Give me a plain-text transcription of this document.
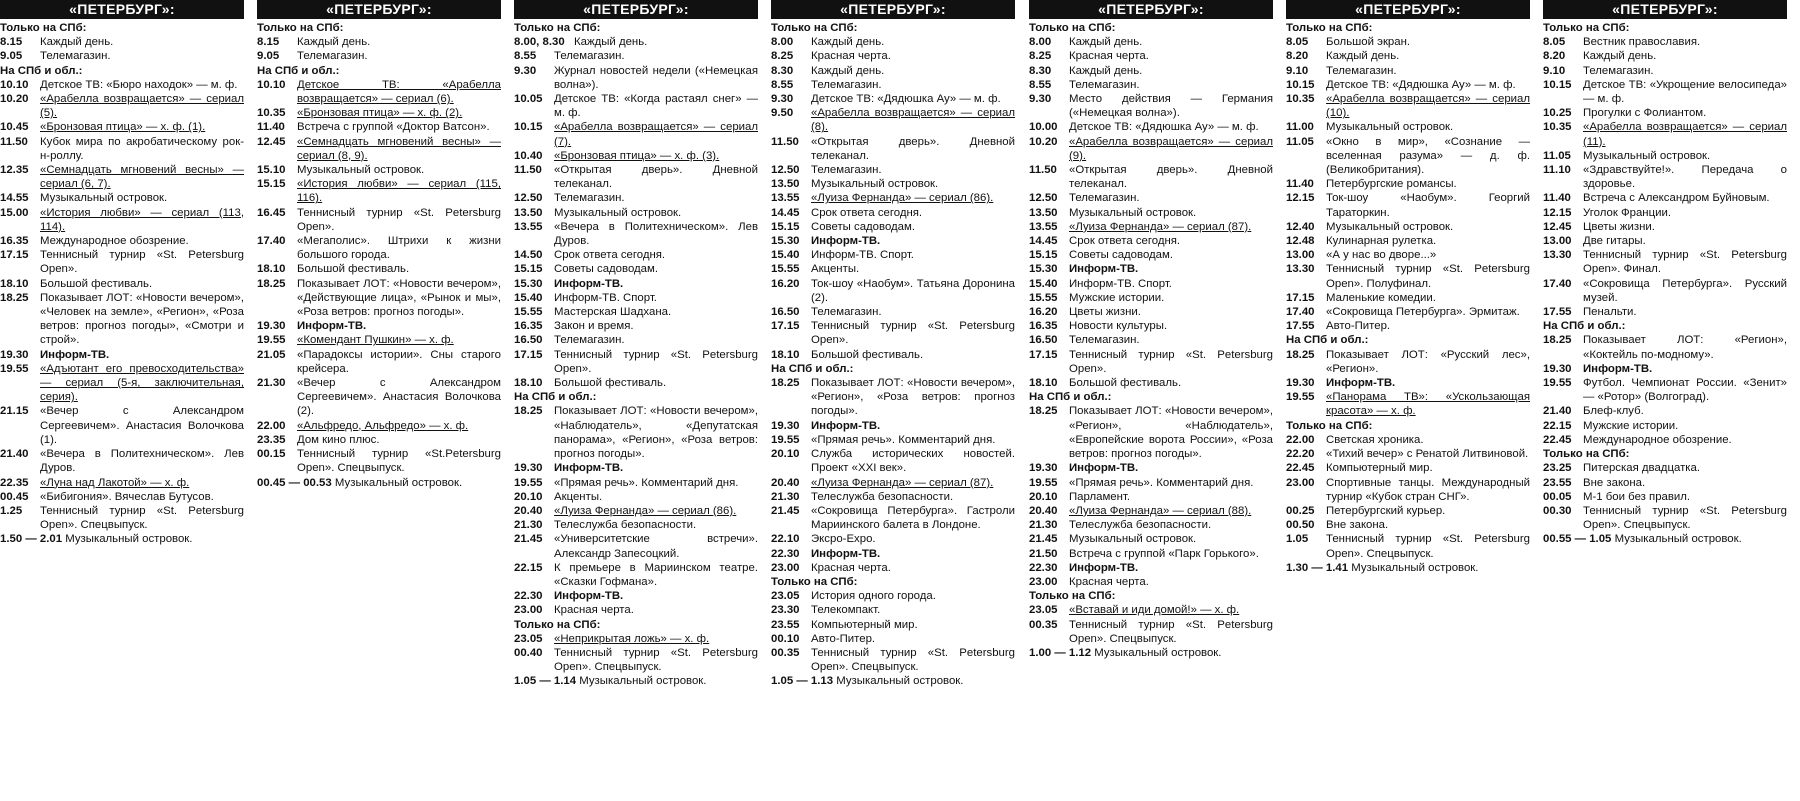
«ПЕТЕРБУРГ»:
Только на СПб:
8.15	Каждый день.
9.05	Телемагазин.
На СПб и обл.:
10.10	Детское ТВ: «Бюро находок» — м. ф.
10.20	«Арабелла возвращается» — сериал (5).
10.45	«Бронзовая птица» — х. ф. (1).
11.50	Кубок мира по акробатическому рок-н-роллу.
12.35	«Семнадцать мгновений весны» — сериал (6, 7).
14.55	Музыкальный островок.
15.00	«История любви» — сериал (113, 114).
16.35	Международное обозрение.
17.15	Теннисный турнир «St. Petersburg Open».
18.10	Большой фестиваль.
18.25	Показывает ЛОТ: «Новости вечером», «Человек на земле», «Регион», «Роза ветров: прогноз погоды», «Смотри и строй».
19.30	Информ-ТВ.
19.55	«Адъютант его превосходительства» — сериал (5-я, заключительная, серия).
21.15	«Вечер с Александром Сергеевичем». Анастасия Волочкова (1).
21.40	«Вечера в Политехническом». Лев Дуров.
22.35	«Луна над Лакотой» — х. ф.
00.45	«Бибигония». Вячеслав Бутусов.
1.25	Теннисный турнир «St. Petersburg Open». Спецвыпуск.
1.50 — 2.01 Музыкальный островок.
«ПЕТЕРБУРГ»:
Только на СПб:
8.15	Каждый день.
9.05	Телемагазин.
На СПб и обл.:
10.10	Детское ТВ: «Арабелла возвращается» — сериал (6).
10.35	«Бронзовая птица» — х. ф. (2).
11.40	Встреча с группой «Доктор Ватсон».
12.45	«Семнадцать мгновений весны» — сериал (8, 9).
15.10	Музыкальный островок.
15.15	«История любви» — сериал (115, 116).
16.45	Теннисный турнир «St. Petersburg Open».
17.40	«Мегаполис». Штрихи к жизни большого города.
18.10	Большой фестиваль.
18.25	Показывает ЛОТ: «Новости вечером», «Действующие лица», «Рынок и мы», «Роза ветров: прогноз погоды».
19.30	Информ-ТВ.
19.55	«Комендант Пушкин» — х. ф.
21.05	«Парадоксы истории». Сны старого крейсера.
21.30	«Вечер с Александром Сергеевичем». Анастасия Волочкова (2).
22.00	«Альфредо, Альфредо» — х. ф.
23.35	Дом кино плюс.
00.15	Теннисный турнир «St.Petersburg Open». Спецвыпуск.
00.45 — 00.53 Музыкальный островок.
«ПЕТЕРБУРГ»:
Только на СПб:
8.00, 8.30 Каждый день.
8.55	Телемагазин.
9.30	Журнал новостей недели («Немецкая волна»).
10.05	Детское ТВ: «Когда растаял снег» — м. ф.
10.15	«Арабелла возвращается» — сериал (7).
10.40	«Бронзовая птица» — х. ф. (3).
11.50	«Открытая дверь». Дневной телеканал.
12.50	Телемагазин.
13.50	Музыкальный островок.
13.55	«Вечера в Политехническом». Лев Дуров.
14.50	Срок ответа сегодня.
15.15	Советы садоводам.
15.30	Информ-ТВ.
15.40	Информ-ТВ. Спорт.
15.55	Мастерская Шадхана.
16.35	Закон и время.
16.50	Телемагазин.
17.15	Теннисный турнир «St. Petersburg Open».
18.10	Большой фестиваль.
На СПб и обл.:
18.25	Показывает ЛОТ: «Новости вечером», «Наблюдатель», «Депутатская панорама», «Регион», «Роза ветров: прогноз погоды».
19.30	Информ-ТВ.
19.55	«Прямая речь». Комментарий дня.
20.10	Акценты.
20.40	«Луиза Фернанда» — сериал (86).
21.30	Телеслужба безопасности.
21.45	«Университетские встречи». Александр Запесоцкий.
22.15	К премьере в Мариинском театре. «Сказки Гофмана».
22.30	Информ-ТВ.
23.00	Красная черта.
Только на СПб:
23.05	«Неприкрытая ложь» — х. ф.
00.40	Теннисный турнир «St. Petersburg Open». Спецвыпуск.
1.05 — 1.14 Музыкальный островок.
«ПЕТЕРБУРГ»:
Только на СПб:
8.00	Каждый день.
8.25	Красная черта.
8.30	Каждый день.
8.55	Телемагазин.
9.30	Детское ТВ: «Дядюшка Ау» — м. ф.
9.50	«Арабелла возвращается» — сериал (8).
11.50	«Открытая дверь». Дневной телеканал.
12.50	Телемагазин.
13.50	Музыкальный островок.
13.55	«Луиза Фернанда» — сериал (86).
14.45	Срок ответа сегодня.
15.15	Советы садоводам.
15.30	Информ-ТВ.
15.40	Информ-ТВ. Спорт.
15.55	Акценты.
16.20	Ток-шоу «Наобум». Татьяна Доронина (2).
16.50	Телемагазин.
17.15	Теннисный турнир «St. Petersburg Open».
18.10	Большой фестиваль.
На СПб и обл.:
18.25	Показывает ЛОТ: «Новости вечером», «Регион», «Роза ветров: прогноз погоды».
19.30	Информ-ТВ.
19.55	«Прямая речь». Комментарий дня.
20.10	Служба исторических новостей. Проект «XXI век».
20.40	«Луиза Фернанда» — сериал (87).
21.30	Телеслужба безопасности.
21.45	«Сокровища Петербурга». Гастроли Мариинского балета в Лондоне.
22.10	Эксро-Expo.
22.30	Информ-ТВ.
23.00	Красная черта.
Только на СПб:
23.05	История одного города.
23.30	Телекомпакт.
23.55	Компьютерный мир.
00.10	Авто-Питер.
00.35	Теннисный турнир «St. Petersburg Open». Спецвыпуск.
1.05 — 1.13 Музыкальный островок.
«ПЕТЕРБУРГ»:
Только на СПб:
8.00	Каждый день.
8.25	Красная черта.
8.30	Каждый день.
8.55	Телемагазин.
9.30	Место действия — Германия («Немецкая волна»).
10.00	Детское ТВ: «Дядюшка Ау» — м. ф.
10.20	«Арабелла возвращается» — сериал (9).
11.50	«Открытая дверь». Дневной телеканал.
12.50	Телемагазин.
13.50	Музыкальный островок.
13.55	«Луиза Фернанда» — сериал (87).
14.45	Срок ответа сегодня.
15.15	Советы садоводам.
15.30	Информ-ТВ.
15.40	Информ-ТВ. Спорт.
15.55	Мужские истории.
16.20	Цветы жизни.
16.35	Новости культуры.
16.50	Телемагазин.
17.15	Теннисный турнир «St. Petersburg Open».
18.10	Большой фестиваль.
На СПб и обл.:
18.25	Показывает ЛОТ: «Новости вечером», «Регион», «Наблюдатель», «Европейские ворота России», «Роза ветров: прогноз погоды».
19.30	Информ-ТВ.
19.55	«Прямая речь». Комментарий дня.
20.10	Парламент.
20.40	«Луиза Фернанда» — сериал (88).
21.30	Телеслужба безопасности.
21.45	Музыкальный островок.
21.50	Встреча с группой «Парк Горького».
22.30	Информ-ТВ.
23.00	Красная черта.
Только на СПб:
23.05	«Вставай и иди домой!» — х. ф.
00.35	Теннисный турнир «St. Petersburg Open». Спецвыпуск.
1.00 — 1.12 Музыкальный островок.
«ПЕТЕРБУРГ»:
Только на СПб:
8.05	Большой экран.
8.20	Каждый день.
9.10	Телемагазин.
10.15	Детское ТВ: «Дядюшка Ау» — м. ф.
10.35	«Арабелла возвращается» — сериал (10).
11.00	Музыкальный островок.
11.05	«Окно в мир», «Сознание — вселенная разума» — д. ф. (Великобритания).
11.40	Петербургские романсы.
12.15	Ток-шоу «Наобум». Георгий Тараторкин.
12.40	Музыкальный островок.
12.48	Кулинарная рулетка.
13.00	«А у нас во дворе...»
13.30	Теннисный турнир «St. Petersburg Open». Полуфинал.
17.15	Маленькие комедии.
17.40	«Сокровища Петербурга». Эрмитаж.
17.55	Авто-Питер.
На СПб и обл.:
18.25	Показывает ЛОТ: «Русский лес», «Регион».
19.30	Информ-ТВ.
19.55	«Панорама ТВ»: «Ускользающая красота» — х. ф.
Только на СПб:
22.00	Светская хроника.
22.20	«Тихий вечер» с Ренатой Литвиновой.
22.45	Компьютерный мир.
23.00	Спортивные танцы. Международный турнир «Кубок стран СНГ».
00.25	Петербургский курьер.
00.50	Вне закона.
1.05	Теннисный турнир «St. Petersburg Open». Спецвыпуск.
1.30 — 1.41 Музыкальный островок.
«ПЕТЕРБУРГ»:
Только на СПб:
8.05	Вестник православия.
8.20	Каждый день.
9.10	Телемагазин.
10.15	Детское ТВ: «Укрощение велосипеда» — м. ф.
10.25	Прогулки с Фолиантом.
10.35	«Арабелла возвращается» — сериал (11).
11.05	Музыкальный островок.
11.10	«Здравствуйте!». Передача о здоровье.
11.40	Встреча с Александром Буйновым.
12.15	Уголок Франции.
12.45	Цветы жизни.
13.00	Две гитары.
13.30	Теннисный турнир «St. Petersburg Open». Финал.
17.40	«Сокровища Петербурга». Русский музей.
17.55	Пенальти.
На СПб и обл.:
18.25	Показывает ЛОТ: «Регион», «Коктейль по-модному».
19.30	Информ-ТВ.
19.55	Футбол. Чемпионат России. «Зенит» — «Ротор» (Волгоград).
21.40	Блеф-клуб.
22.15	Мужские истории.
22.45	Международное обозрение.
Только на СПб:
23.25	Питерская двадцатка.
23.55	Вне закона.
00.05	М-1 бои без правил.
00.30	Теннисный турнир «St. Petersburg Open». Спецвыпуск.
00.55 — 1.05 Музыкальный островок.
